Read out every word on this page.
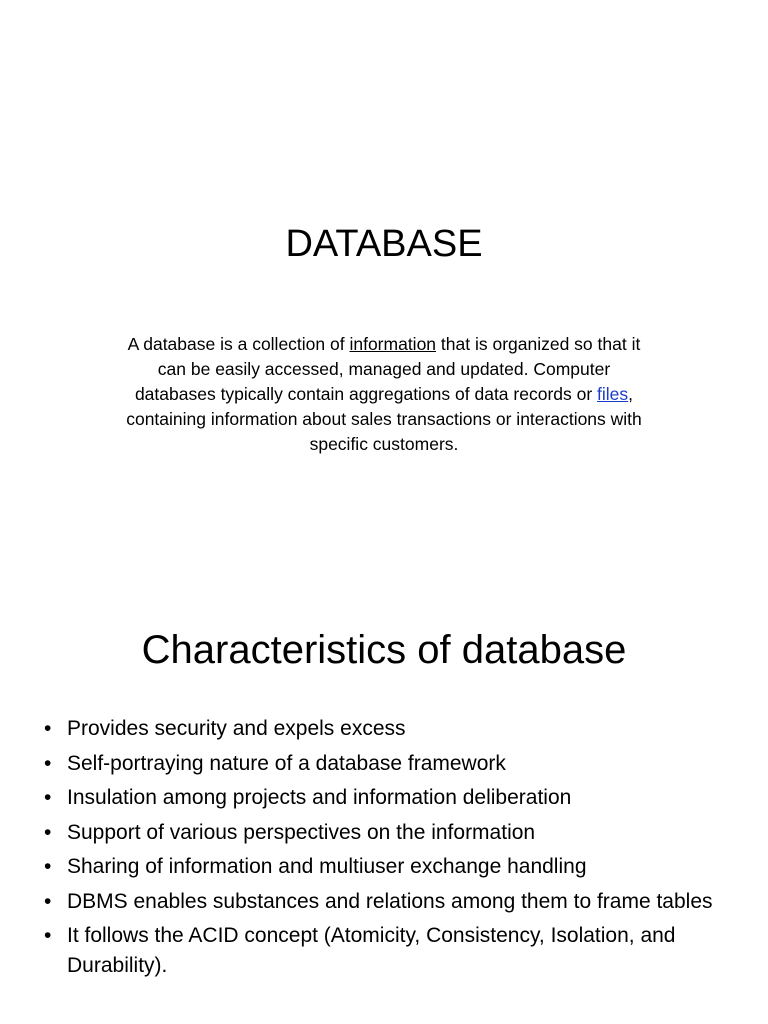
DATABASE
A database is a collection of information that is organized so that it can be easily accessed, managed and updated. Computer databases typically contain aggregations of data records or files, containing information about sales transactions or interactions with specific customers.
Characteristics of database
• Provides security and expels excess
• Self-portraying nature of a database framework
• Insulation among projects and information deliberation
• Support of various perspectives on the information
• Sharing of information and multiuser exchange handling
• DBMS enables substances and relations among them to frame tables
• It follows the ACID concept (Atomicity, Consistency, Isolation, and Durability).
